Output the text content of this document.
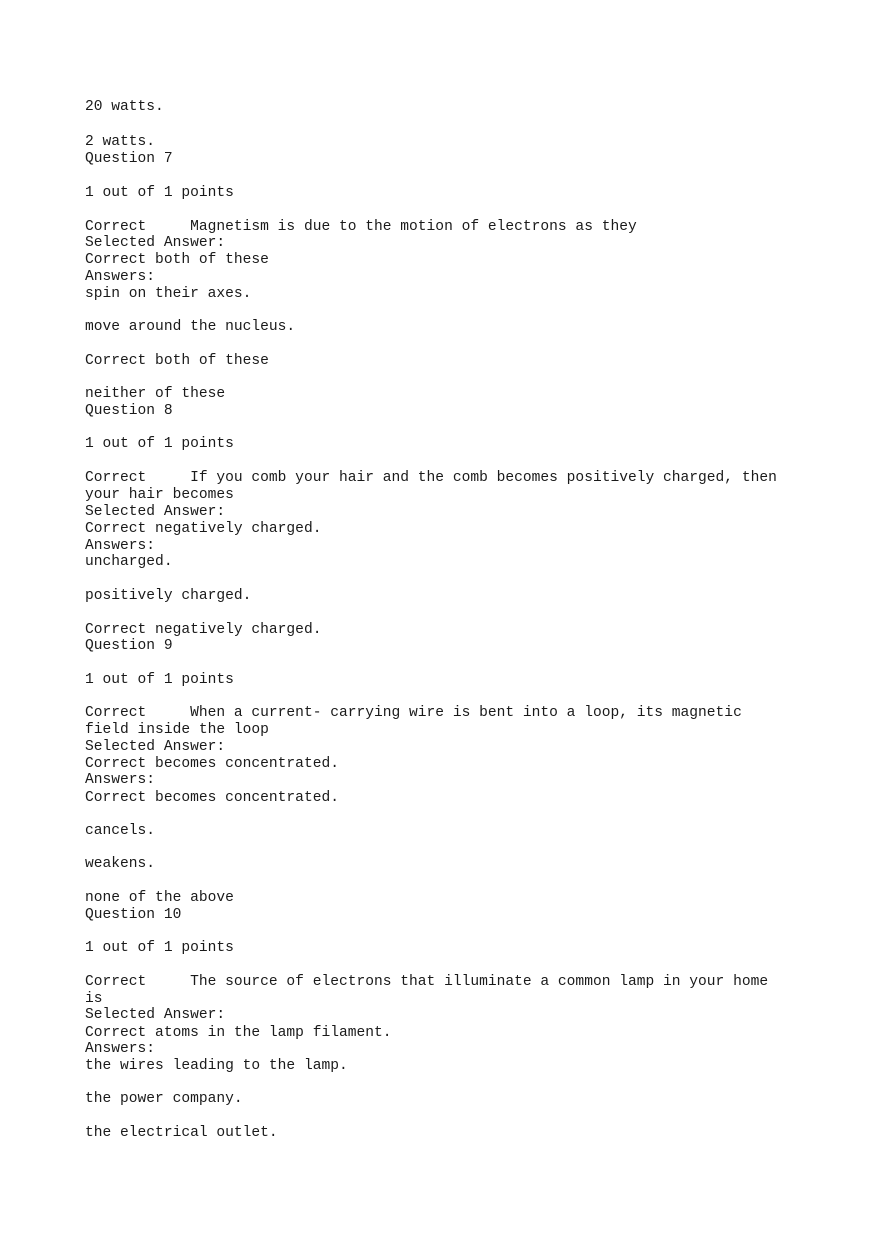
20 watts.
2 watts.
Question 7
1 out of 1 points
Correct     Magnetism is due to the motion of electrons as they
Selected Answer:
Correct both of these
Answers:
spin on their axes.
move around the nucleus.
Correct both of these
neither of these
Question 8
1 out of 1 points
Correct     If you comb your hair and the comb becomes positively charged, then
your hair becomes
Selected Answer:
Correct negatively charged.
Answers:
uncharged.
positively charged.
Correct negatively charged.
Question 9
1 out of 1 points
Correct     When a current- carrying wire is bent into a loop, its magnetic
field inside the loop
Selected Answer:
Correct becomes concentrated.
Answers:
Correct becomes concentrated.
cancels.
weakens.
none of the above
Question 10
1 out of 1 points
Correct     The source of electrons that illuminate a common lamp in your home
is
Selected Answer:
Correct atoms in the lamp filament.
Answers:
the wires leading to the lamp.
the power company.
the electrical outlet.
